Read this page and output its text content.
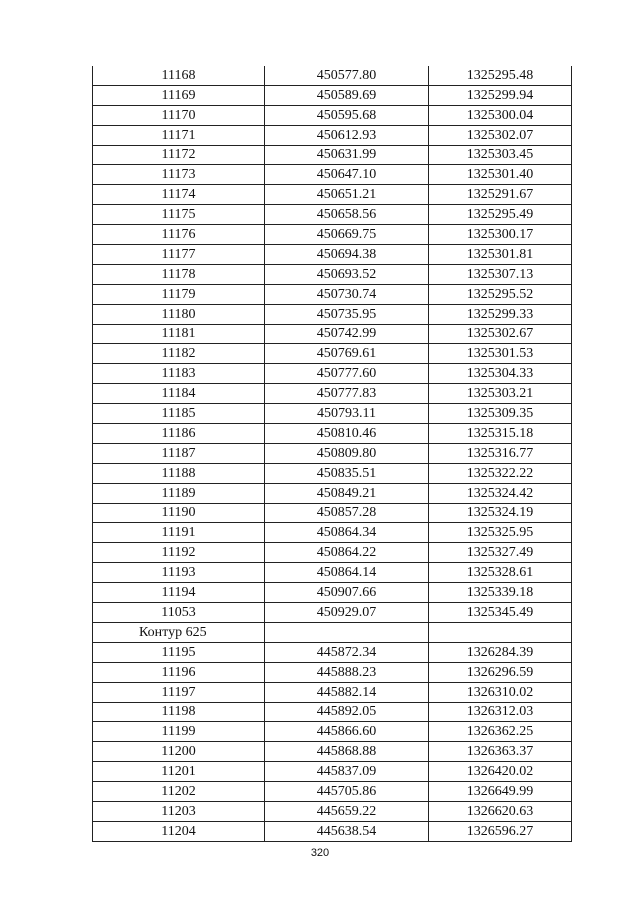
11168	450577.80	1325295.48
11169	450589.69	1325299.94
11170	450595.68	1325300.04
11171	450612.93	1325302.07
11172	450631.99	1325303.45
11173	450647.10	1325301.40
11174	450651.21	1325291.67
11175	450658.56	1325295.49
11176	450669.75	1325300.17
11177	450694.38	1325301.81
11178	450693.52	1325307.13
11179	450730.74	1325295.52
11180	450735.95	1325299.33
11181	450742.99	1325302.67
11182	450769.61	1325301.53
11183	450777.60	1325304.33
11184	450777.83	1325303.21
11185	450793.11	1325309.35
11186	450810.46	1325315.18
11187	450809.80	1325316.77
11188	450835.51	1325322.22
11189	450849.21	1325324.42
11190	450857.28	1325324.19
11191	450864.34	1325325.95
11192	450864.22	1325327.49
11193	450864.14	1325328.61
11194	450907.66	1325339.18
11053	450929.07	1325345.49
Контур 625		
11195	445872.34	1326284.39
11196	445888.23	1326296.59
11197	445882.14	1326310.02
11198	445892.05	1326312.03
11199	445866.60	1326362.25
11200	445868.88	1326363.37
11201	445837.09	1326420.02
11202	445705.86	1326649.99
11203	445659.22	1326620.63
11204	445638.54	1326596.27
320
